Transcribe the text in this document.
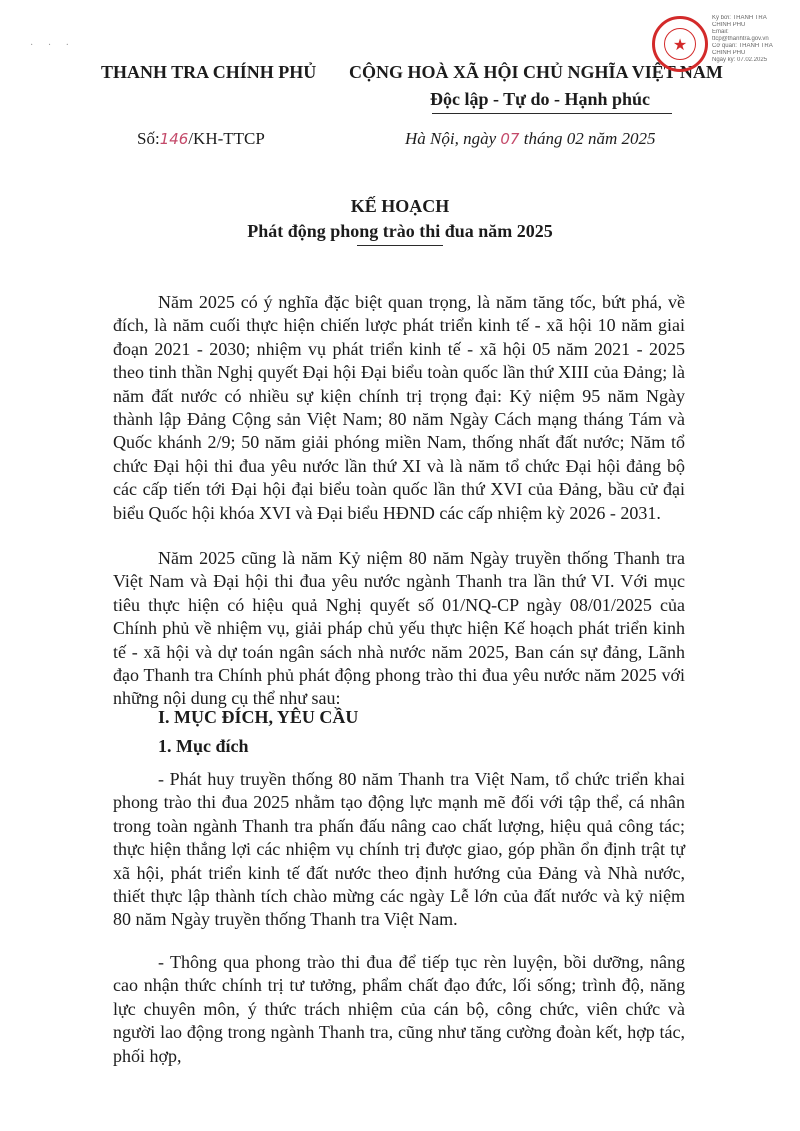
· · ·
THANH TRA CHÍNH PHỦ CỘNG HOÀ XÃ HỘI CHỦ NGHĨA VIỆT NAM
Độc lập - Tự do - Hạnh phúc
Số:146/KH-TTCP	Hà Nội, ngày 07 tháng 02 năm 2025
★
Ký bởi: THANH TRA
CHÍNH PHỦ
Email:
ttcp@thanhtra.gov.vn
Cơ quan: THANH TRA
CHÍNH PHỦ
Ngày ký: 07.02.2025
KẾ HOẠCH
Phát động phong trào thi đua năm 2025
Năm 2025 có ý nghĩa đặc biệt quan trọng, là năm tăng tốc, bứt phá, về đích, là năm cuối thực hiện chiến lược phát triển kinh tế - xã hội 10 năm giai đoạn 2021 - 2030; nhiệm vụ phát triển kinh tế - xã hội 05 năm 2021 - 2025 theo tinh thần Nghị quyết Đại hội Đại biểu toàn quốc lần thứ XIII của Đảng; là năm đất nước có nhiều sự kiện chính trị trọng đại: Kỷ niệm 95 năm Ngày thành lập Đảng Cộng sản Việt Nam; 80 năm Ngày Cách mạng tháng Tám và Quốc khánh 2/9; 50 năm giải phóng miền Nam, thống nhất đất nước; Năm tổ chức Đại hội thi đua yêu nước lần thứ XI và là năm tổ chức Đại hội đảng bộ các cấp tiến tới Đại hội đại biểu toàn quốc lần thứ XVI của Đảng, bầu cử đại biểu Quốc hội khóa XVI và Đại biểu HĐND các cấp nhiệm kỳ 2026 - 2031.
Năm 2025 cũng là năm Kỷ niệm 80 năm Ngày truyền thống Thanh tra Việt Nam và Đại hội thi đua yêu nước ngành Thanh tra lần thứ VI. Với mục tiêu thực hiện có hiệu quả Nghị quyết số 01/NQ-CP ngày 08/01/2025 của Chính phủ về nhiệm vụ, giải pháp chủ yếu thực hiện Kế hoạch phát triển kinh tế - xã hội và dự toán ngân sách nhà nước năm 2025, Ban cán sự đảng, Lãnh đạo Thanh tra Chính phủ phát động phong trào thi đua yêu nước năm 2025 với những nội dung cụ thể như sau:
I. MỤC ĐÍCH, YÊU CẦU
1. Mục đích
- Phát huy truyền thống 80 năm Thanh tra Việt Nam, tổ chức triển khai phong trào thi đua 2025 nhằm tạo động lực mạnh mẽ đối với tập thể, cá nhân trong toàn ngành Thanh tra phấn đấu nâng cao chất lượng, hiệu quả công tác; thực hiện thắng lợi các nhiệm vụ chính trị được giao, góp phần ổn định trật tự xã hội, phát triển kinh tế đất nước theo định hướng của Đảng và Nhà nước, thiết thực lập thành tích chào mừng các ngày Lễ lớn của đất nước và kỷ niệm 80 năm Ngày truyền thống Thanh tra Việt Nam.
- Thông qua phong trào thi đua để tiếp tục rèn luyện, bồi dưỡng, nâng cao nhận thức chính trị tư tưởng, phẩm chất đạo đức, lối sống; trình độ, năng lực chuyên môn, ý thức trách nhiệm của cán bộ, công chức, viên chức và người lao động trong ngành Thanh tra, cũng như tăng cường đoàn kết, hợp tác, phối hợp,
